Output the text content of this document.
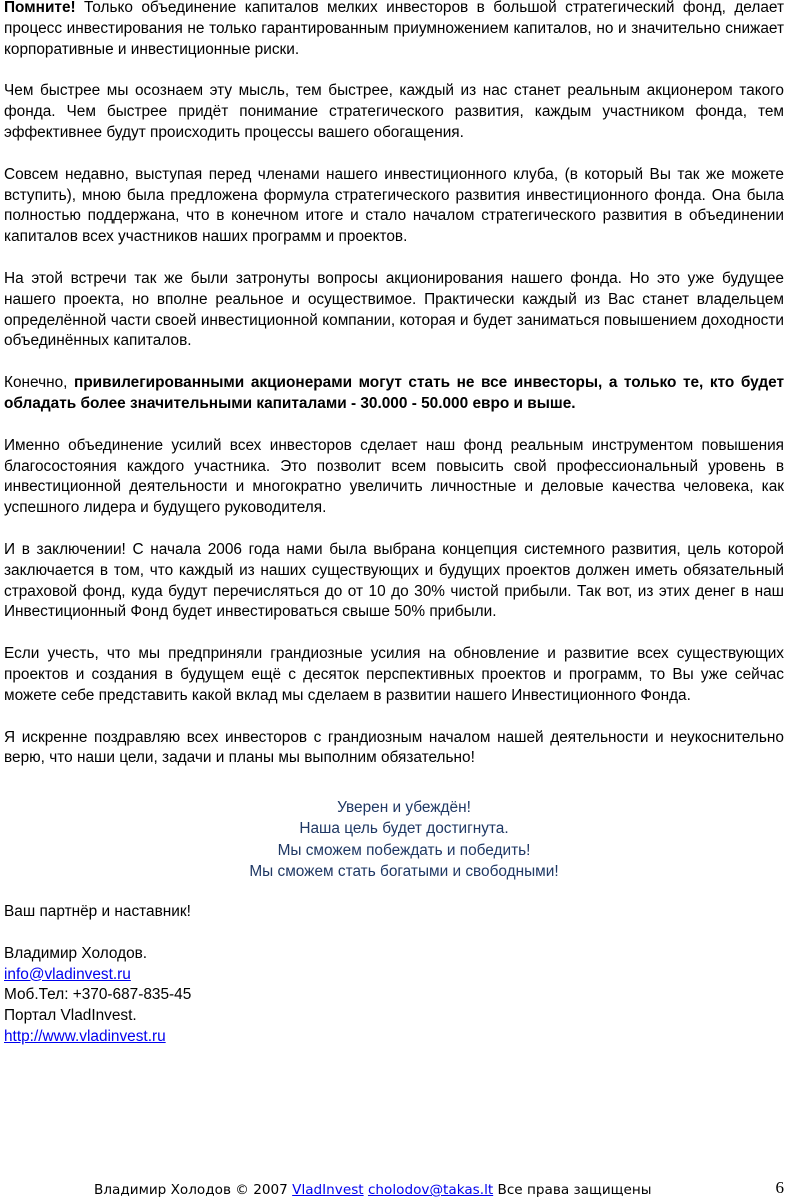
Помните! Только объединение капиталов мелких инвесторов в большой стратегический фонд, делает процесс инвестирования не только гарантированным приумножением капиталов, но и значительно снижает корпоративные и инвестиционные риски.

Чем быстрее мы осознаем эту мысль, тем быстрее, каждый из нас станет реальным акционером такого фонда. Чем быстрее придёт понимание стратегического развития, каждым участником фонда, тем эффективнее будут происходить процессы вашего обогащения.

Совсем недавно, выступая перед членами нашего инвестиционного клуба, (в который Вы так же можете вступить), мною была предложена формула стратегического развития инвестиционного фонда. Она была полностью поддержана, что в конечном итоге и стало началом стратегического развития в объединении капиталов всех участников наших программ и проектов.

На этой встречи так же были затронуты вопросы акционирования нашего фонда. Но это уже будущее нашего проекта, но вполне реальное и осуществимое. Практически каждый из Вас станет владельцем определённой части своей инвестиционной компании, которая и будет заниматься повышением доходности объединённых капиталов.

Конечно, привилегированными акционерами могут стать не все инвесторы, а только те, кто будет обладать более значительными капиталами - 30.000 - 50.000 евро и выше.

Именно объединение усилий всех инвесторов сделает наш фонд реальным инструментом повышения благосостояния каждого участника. Это позволит всем повысить свой профессиональный уровень в инвестиционной деятельности и многократно увеличить личностные и деловые качества человека, как успешного лидера и будущего руководителя.

И в заключении! С начала 2006 года нами была выбрана концепция системного развития, цель которой заключается в том, что каждый из наших существующих и будущих проектов должен иметь обязательный страховой фонд, куда будут перечисляться до от 10 до 30% чистой прибыли. Так вот, из этих денег в наш Инвестиционный Фонд будет инвестироваться свыше 50% прибыли.

Если учесть, что мы предприняли грандиозные усилия на обновление и развитие всех существующих проектов и создания в будущем ещё с десяток перспективных проектов и программ, то Вы уже сейчас можете себе представить какой вклад мы сделаем в развитии нашего Инвестиционного Фонда.

Я искренне поздравляю всех инвесторов с грандиозным началом нашей деятельности и неукоснительно верю, что наши цели, задачи и планы мы выполним обязательно!

Уверен и убеждён!
Наша цель будет достигнута.
Мы сможем побеждать и победить!
Мы сможем стать богатыми и свободными!
Ваш партнёр и наставник!
Владимир Холодов.
info@vladinvest.ru
Моб.Тел: +370-687-835-45
Портал VladInvest.
http://www.vladinvest.ru
Владимир Холодов © 2007 VladInvest cholodov@takas.lt Все права защищены	6
